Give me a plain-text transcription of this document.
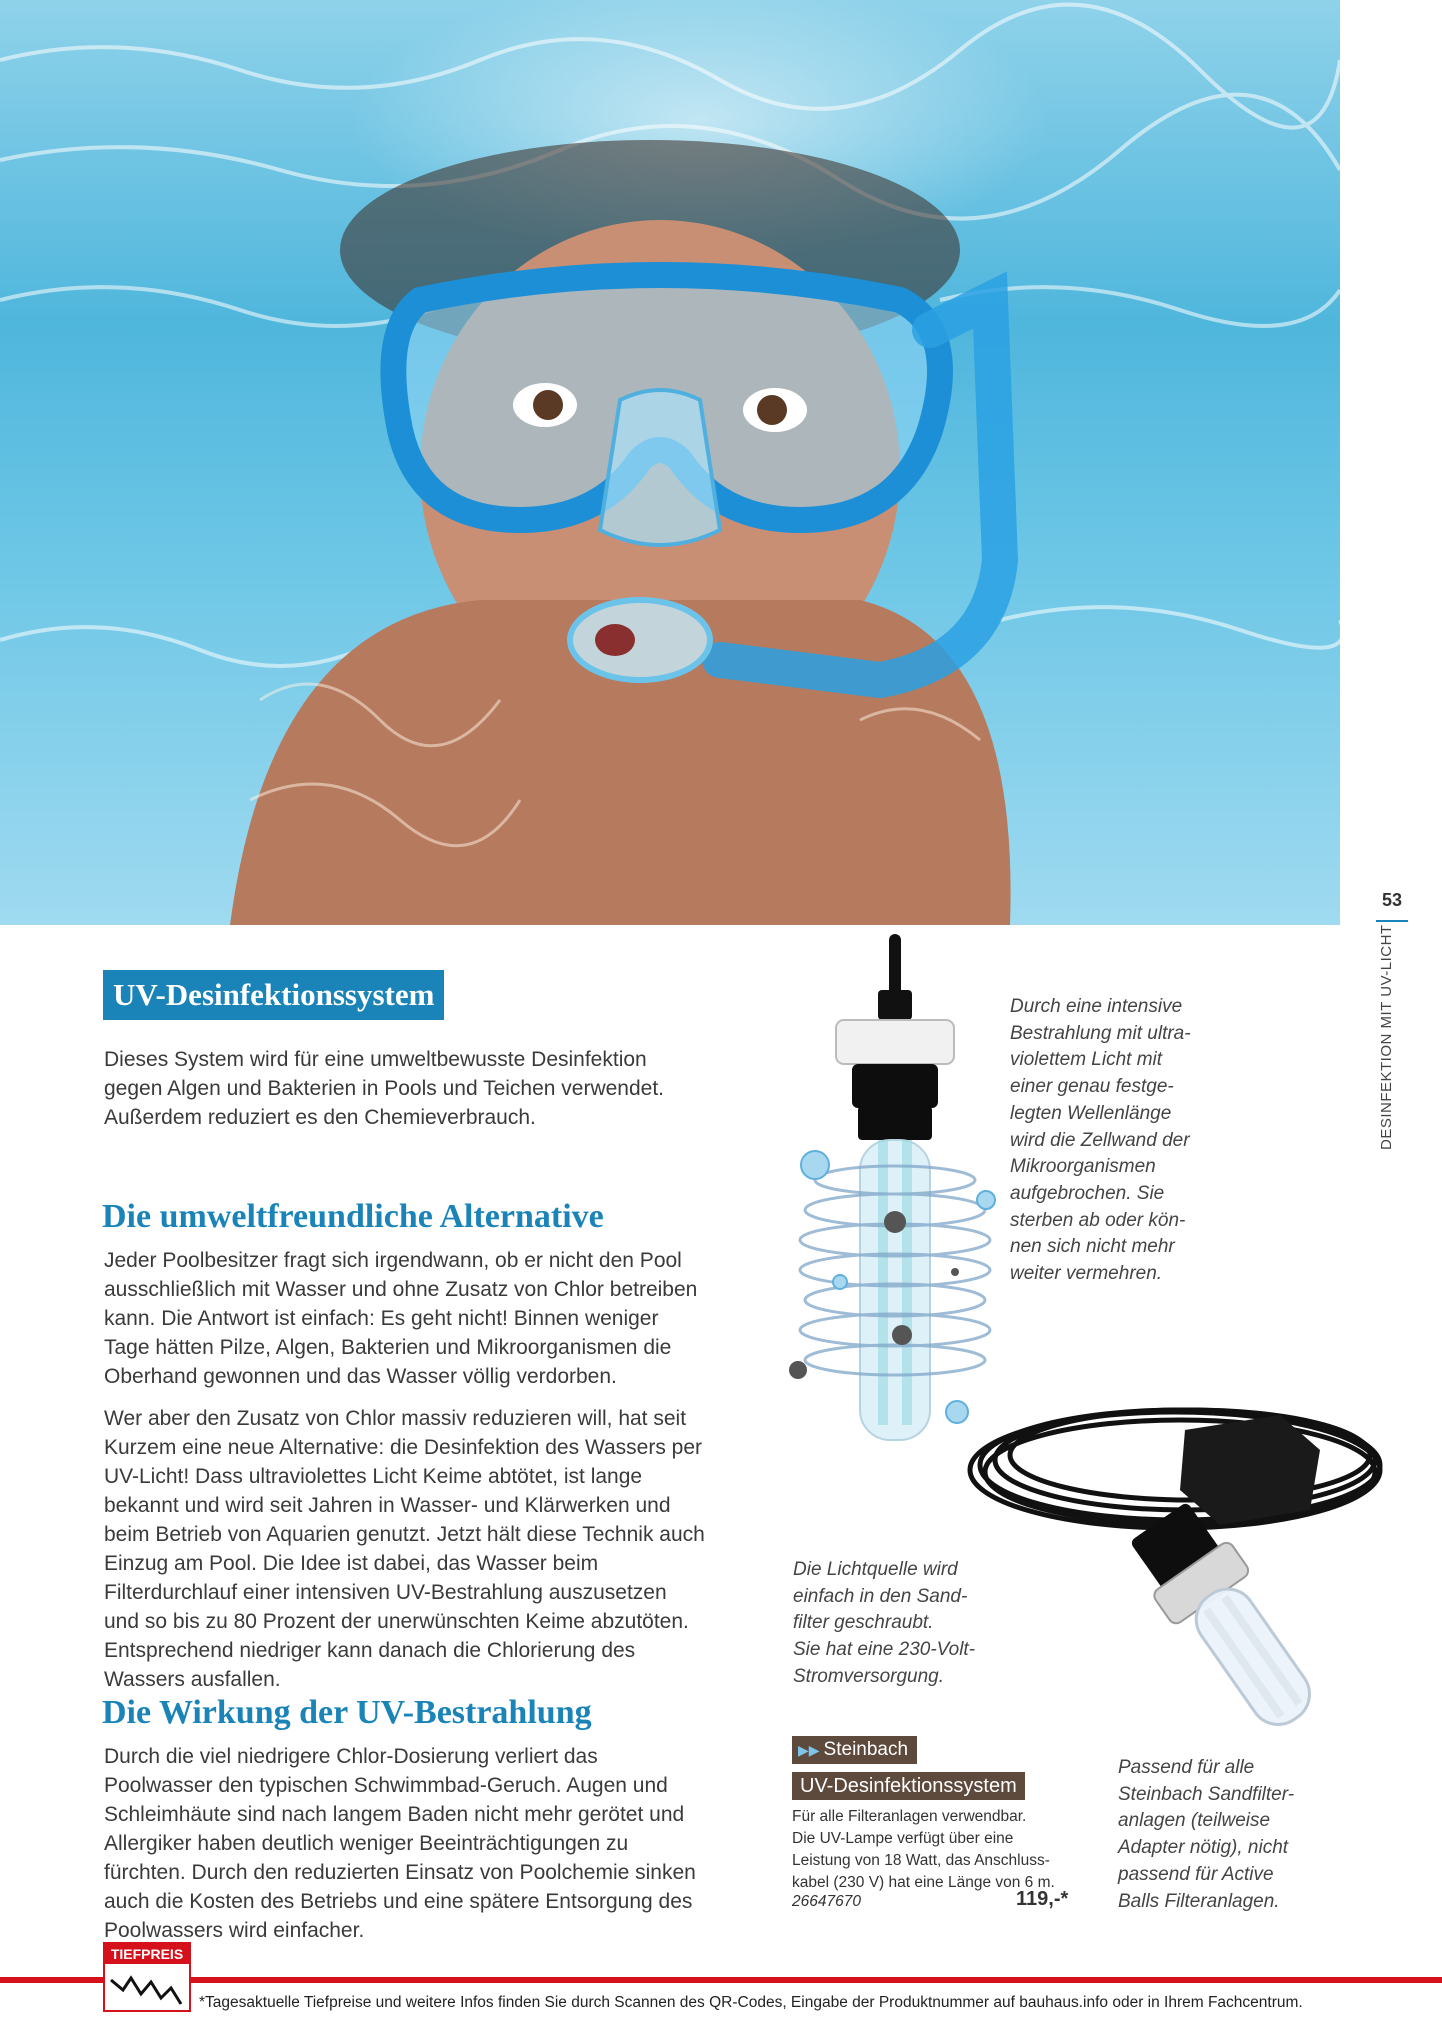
53
DESINFEKTION MIT UV-LICHT
UV-Desinfektionssystem
Dieses System wird für eine umweltbewusste Desinfektion gegen Algen und Bakterien in Pools und Teichen verwendet. Außerdem reduziert es den Chemieverbrauch.
Die umweltfreundliche Alternative
Jeder Poolbesitzer fragt sich irgendwann, ob er nicht den Pool ausschließlich mit Wasser und ohne Zusatz von Chlor betreiben kann. Die Antwort ist einfach: Es geht nicht! Binnen weniger Tage hätten Pilze, Algen, Bakterien und Mikroorganismen die Oberhand gewonnen und das Wasser völlig verdorben.
Wer aber den Zusatz von Chlor massiv reduzieren will, hat seit Kurzem eine neue Alternative: die Desinfektion des Wassers per UV-Licht! Dass ultraviolettes Licht Keime abtötet, ist lange bekannt und wird seit Jahren in Wasser- und Klärwerken und beim Betrieb von Aquarien genutzt. Jetzt hält diese Technik auch Einzug am Pool. Die Idee ist dabei, das Wasser beim Filterdurchlauf einer intensiven UV-Bestrahlung auszusetzen und so bis zu 80 Prozent der unerwünschten Keime abzutöten. Entsprechend niedriger kann danach die Chlorierung des Wassers ausfallen.
Die Wirkung der UV-Bestrahlung
Durch die viel niedrigere Chlor-Dosierung verliert das Poolwasser den typischen Schwimmbad-Geruch. Augen und Schleimhäute sind nach langem Baden nicht mehr gerötet und Allergiker haben deutlich weniger Beeinträchtigungen zu fürchten. Durch den reduzierten Einsatz von Poolchemie sinken auch die Kosten des Betriebs und eine spätere Entsorgung des Poolwassers wird einfacher.
Durch eine intensive
Bestrahlung mit ultra-
violettem Licht mit
einer genau festge-
legten Wellenlänge
wird die Zellwand der
Mikroorganismen
aufgebrochen. Sie
sterben ab oder kön-
nen sich nicht mehr
weiter vermehren.
Die Lichtquelle wird
einfach in den Sand-
filter geschraubt.
Sie hat eine 230-Volt-
Stromversorgung.
▶▶ Steinbach
UV-Desinfektionssystem
Für alle Filteranlagen verwendbar.
Die UV-Lampe verfügt über eine
Leistung von 18 Watt, das Anschluss-
kabel (230 V) hat eine Länge von 6 m.
26647670	119,-*
Passend für alle
Steinbach Sandfilter-
anlagen (teilweise
Adapter nötig), nicht
passend für Active
Balls Filteranlagen.
TIEFPREIS
*Tagesaktuelle Tiefpreise und weitere Infos finden Sie durch Scannen des QR-Codes, Eingabe der Produktnummer auf bauhaus.info oder in Ihrem Fachcentrum.
